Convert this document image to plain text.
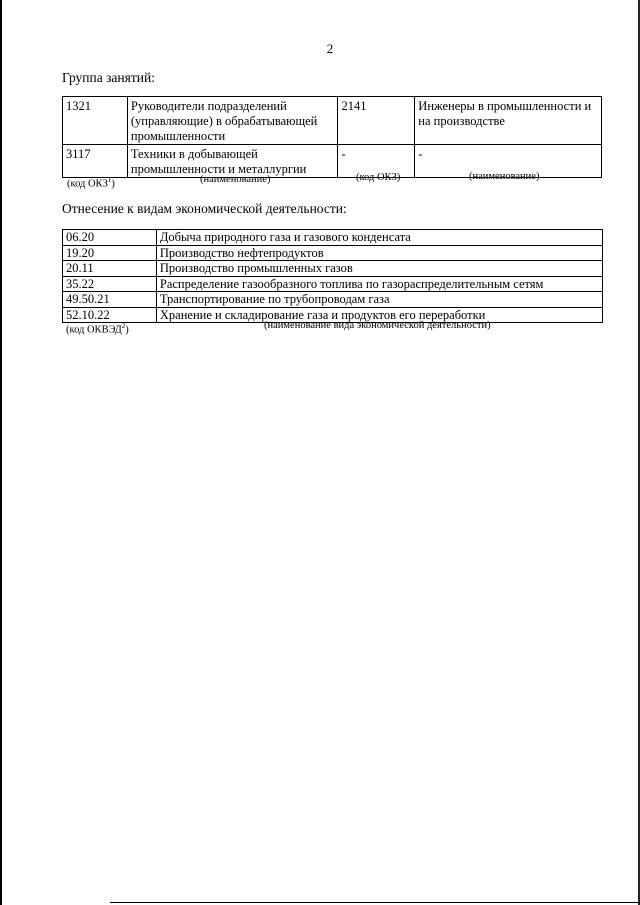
2
Группа занятий:
1321	Руководители подразделений (управляющие) в обрабатывающей промышленности	2141	Инженеры в промышленности и на производстве
3117	Техники в добывающей промышленности и металлургии	-	-
(код ОКЗ$^1$)	(наименование)	(код ОКЗ)	(наименование)
Отнесение к видам экономической деятельности:
06.20	Добыча природного газа и газового конденсата
19.20	Производство нефтепродуктов
20.11	Производство промышленных газов
35.22	Распределение газообразного топлива по газораспределительным сетям
49.50.21	Транспортирование по трубопроводам газа
52.10.22	Хранение и складирование газа и продуктов его переработки
(код ОКВЭД$^2$)	(наименование вида экономической деятельности)
